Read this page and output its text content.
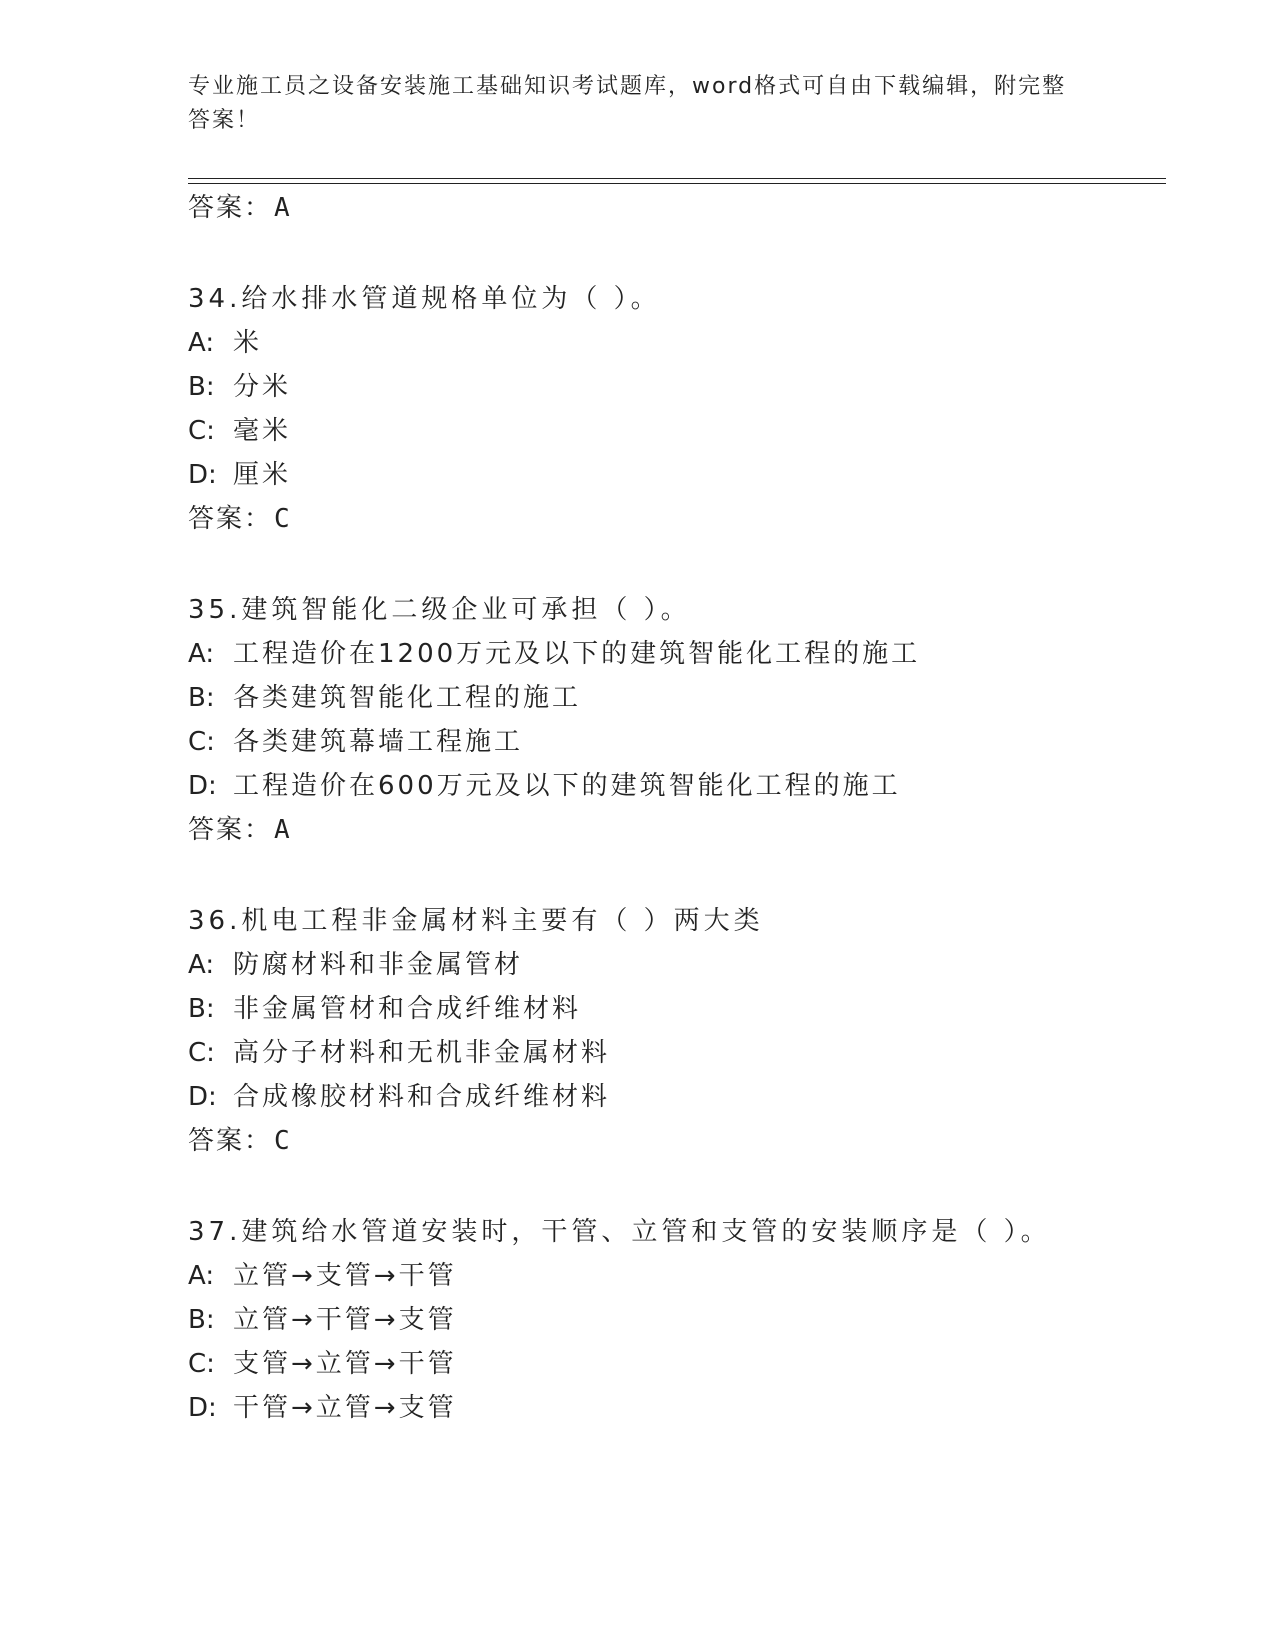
专业施工员之设备安装施工基础知识考试题库，word格式可自由下载编辑，附完整答案！
答案：A
34.给水排水管道规格单位为（ ）。
A: 米
B: 分米
C: 毫米
D: 厘米
答案：C
35.建筑智能化二级企业可承担（ ）。
A: 工程造价在1200万元及以下的建筑智能化工程的施工
B: 各类建筑智能化工程的施工
C: 各类建筑幕墙工程施工
D: 工程造价在600万元及以下的建筑智能化工程的施工
答案：A
36.机电工程非金属材料主要有（ ）两大类
A: 防腐材料和非金属管材
B: 非金属管材和合成纤维材料
C: 高分子材料和无机非金属材料
D: 合成橡胶材料和合成纤维材料
答案：C
37.建筑给水管道安装时，干管、立管和支管的安装顺序是（ ）。
A: 立管→支管→干管
B: 立管→干管→支管
C: 支管→立管→干管
D: 干管→立管→支管
